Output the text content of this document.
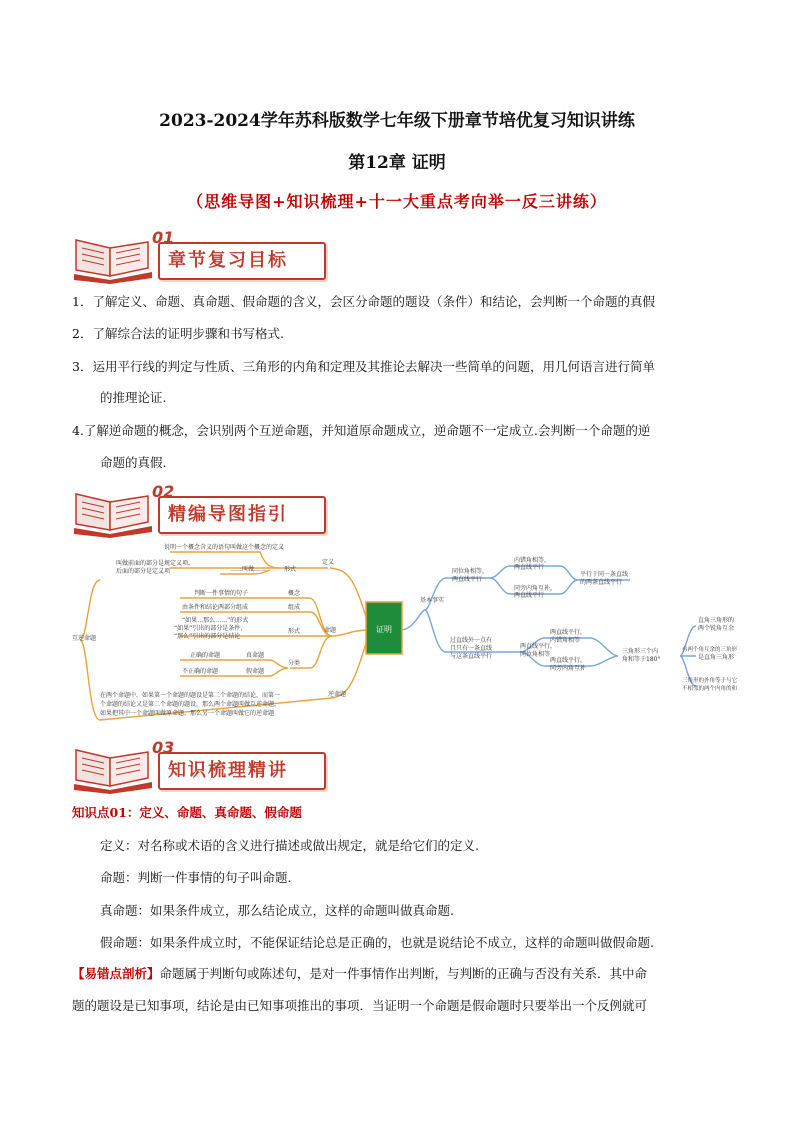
2023-2024学年苏科版数学七年级下册章节培优复习知识讲练
第12章 证明
（思维导图+知识梳理+十一大重点考向举一反三讲练）
01
章节复习目标
1．了解定义、命题、真命题、假命题的含义，会区分命题的题设（条件）和结论，会判断一个命题的真假
2．了解综合法的证明步骤和书写格式.
3．运用平行线的判定与性质、三角形的内角和定理及其推论去解决一些简单的问题，用几何语言进行简单
的推理论证.
4.了解逆命题的概念，会识别两个互逆命题，并知道原命题成立，逆命题不一定成立.会判断一个命题的逆
命题的真假.
02
精编导图指引
证明
定义
说明一个概念含义的语句叫做这个概念的定义
叫做前面的部分是规定义项，
后面的部分是定义项	……叫做……	形式
命题
判断一件事情的句子	概念
由条件和结论两部分组成	组成
“如果…那么……”的形式
“如果”引出的部分是条件，
“那么”引出的部分是结论
形式
正确的命题	真命题
不正确的命题	假命题
分类
逆命题
互逆命题
在两个命题中，如果第一个命题的题设是第二个命题的结论，而第一
个命题的结论又是第二个命题的题设，那么两个命题叫做互逆命题，
如果把其中一个命题叫做原命题，那么另一个命题叫做它的逆命题
基本事实
同位角相等，
两直线平行
内错角相等，
两直线平行
同旁内角互补，
两直线平行
平行于同一条直线
的两条直线平行
过直线外一点有
且只有一条直线
与这条直线平行
两直线平行，
同位角相等
两直线平行，
内错角相等
两直线平行，
同旁内角互补
三角形三个内
角和等于180°
直角三角形的
两个锐角互余
有两个角互余的三角形
是直角三角形
三角形的外角等于与它
不相邻的两个内角的和
03
知识梳理精讲
知识点01：定义、命题、真命题、假命题
定义：对名称或术语的含义进行描述或做出规定，就是给它们的定义.
命题：判断一件事情的句子叫命题.
真命题：如果条件成立，那么结论成立，这样的命题叫做真命题.
假命题：如果条件成立时，不能保证结论总是正确的，也就是说结论不成立，这样的命题叫做假命题.
【易错点剖析】命题属于判断句或陈述句，是对一件事情作出判断，与判断的正确与否没有关系．其中命
题的题设是已知事项，结论是由已知事项推出的事项．当证明一个命题是假命题时只要举出一个反例就可
